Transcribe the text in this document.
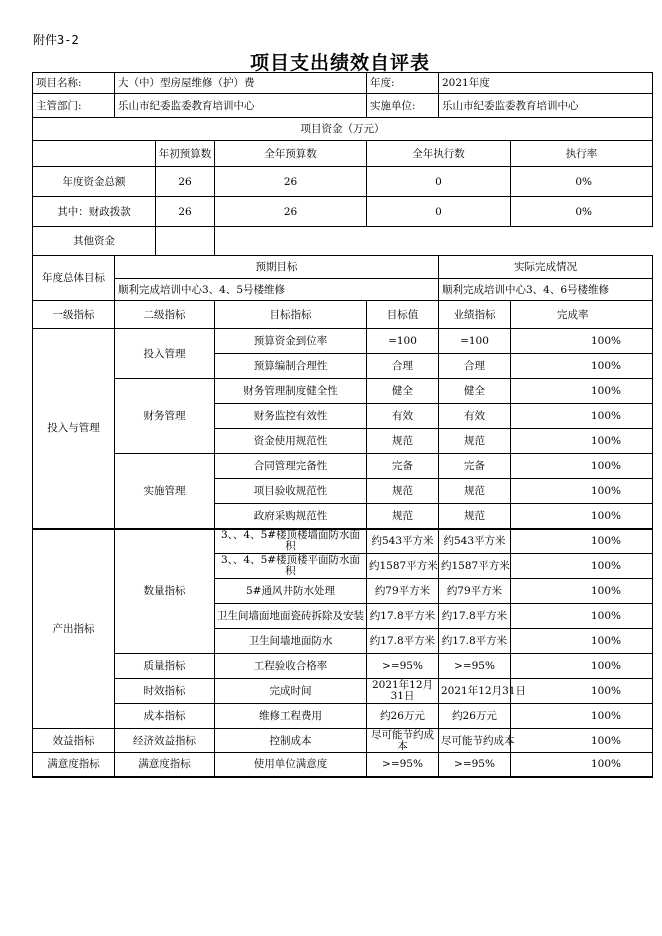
附件3-2
项目支出绩效自评表
项目名称:	大（中）型房屋维修（护）费			年度:	2021年度	
主管部门:	乐山市纪委监委教育培训中心			实施单位:	乐山市纪委监委教育培训中心	
项目资金（万元）						
		年初预算数	全年预算数	全年执行数		执行率
年度资金总额		26	26	0		0%
其中：财政拨款		26	26	0		0%
其他资金						
年度总体目标	预期目标				实际完成情况	
	顺利完成培训中心3、4、5号楼维修				顺利完成培训中心3、4、6号楼维修	
一级指标	二级指标		目标指标	目标值	业绩指标	完成率
投入与管理	投入管理		预算资金到位率	=100	=100	100%
			预算编制合理性	合理	合理	100%
	财务管理		财务管理制度健全性	健全	健全	100%
			财务监控有效性	有效	有效	100%
			资金使用规范性	规范	规范	100%
	实施管理		合同管理完备性	完备	完备	100%
			项目验收规范性	规范	规范	100%
			政府采购规范性	规范	规范	100%
产出指标	数量指标		3、、4、5#楼顶楼墙面防水面积	约543平方米	约543平方米	100%
			3、、4、5#楼顶楼平面防水面积	约1587平方米	约1587平方米	100%
			5#通风井防水处理	约79平方米	约79平方米	100%
			卫生间墙面地面瓷砖拆除及安装	约17.8平方米	约17.8平方米	100%
			卫生间墙地面防水	约17.8平方米	约17.8平方米	100%
	质量指标		工程验收合格率	>=95%	>=95%	100%
	时效指标		完成时间	2021年12月31日	2021年12月31日	100%
	成本指标		维修工程费用	约26万元	约26万元	100%
效益指标	经济效益指标		控制成本	尽可能节约成本	尽可能节约成本	100%
满意度指标	满意度指标		使用单位满意度	>=95%	>=95%	100%
